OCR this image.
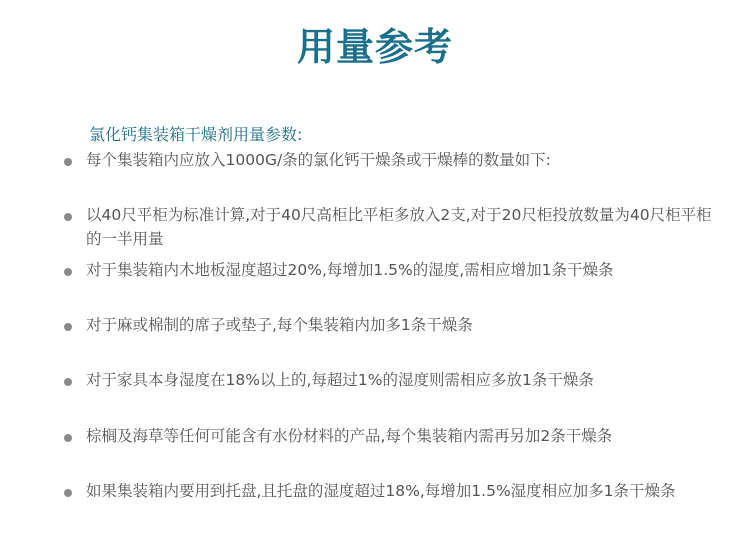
用量参考
氯化钙集装箱干燥剂用量参数:
每个集装箱内应放入1000G/条的氯化钙干燥条或干燥棒的数量如下:
以40尺平柜为标准计算,对于40尺高柜比平柜多放入2支,对于20尺柜投放数量为40尺柜平柜的一半用量
对于集装箱内木地板湿度超过20%,每增加1.5%的湿度,需相应增加1条干燥条
对于麻或棉制的席子或垫子,每个集装箱内加多1条干燥条
对于家具本身湿度在18%以上的,每超过1%的湿度则需相应多放1条干燥条
棕榈及海草等任何可能含有水份材料的产品,每个集装箱内需再另加2条干燥条
如果集装箱内要用到托盘,且托盘的湿度超过18%,每增加1.5%湿度相应加多1条干燥条
